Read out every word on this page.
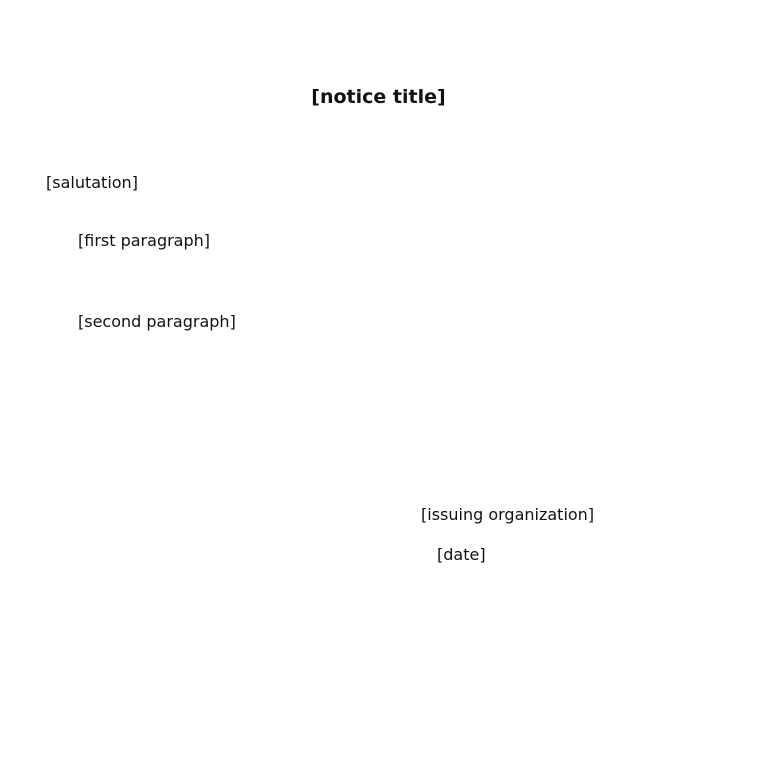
[notice title]
[salutation]

[first paragraph]

[second paragraph]

[issuing organization]
[date]
